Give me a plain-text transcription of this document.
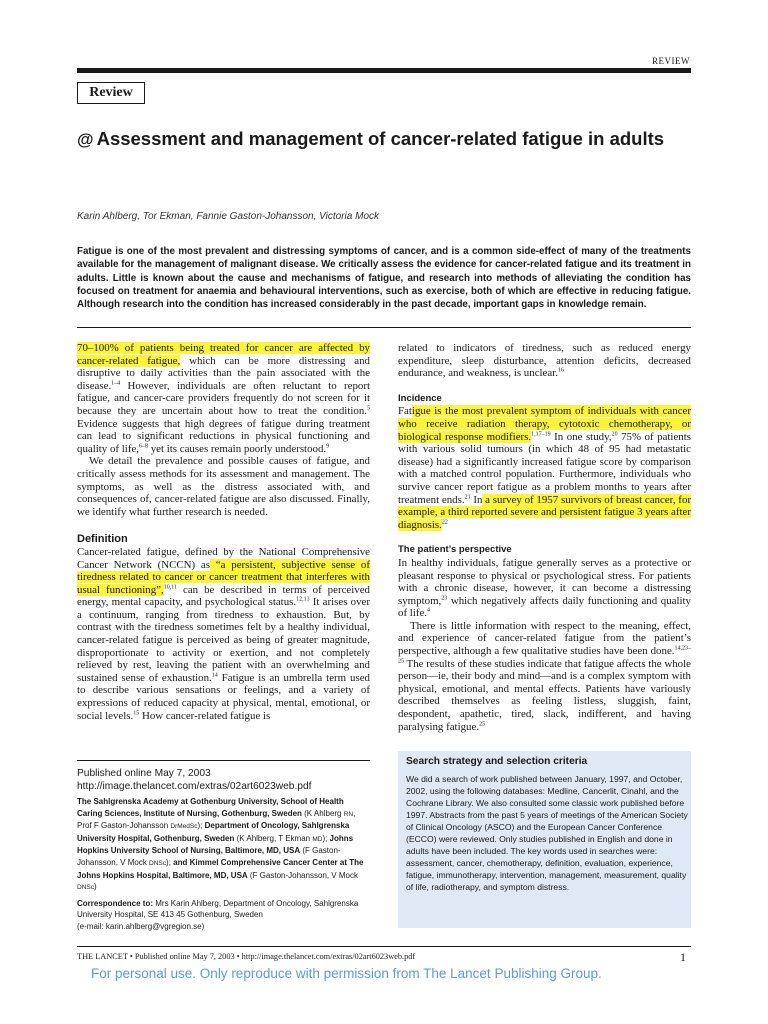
REVIEW
Review
@ Assessment and management of cancer-related fatigue in adults
Karin Ahlberg, Tor Ekman, Fannie Gaston-Johansson, Victoria Mock
Fatigue is one of the most prevalent and distressing symptoms of cancer, and is a common side-effect of many of the treatments available for the management of malignant disease. We critically assess the evidence for cancer-related fatigue and its treatment in adults. Little is known about the cause and mechanisms of fatigue, and research into methods of alleviating the condition has focused on treatment for anaemia and behavioural interventions, such as exercise, both of which are effective in reducing fatigue. Although research into the condition has increased considerably in the past decade, important gaps in knowledge remain.

70–100% of patients being treated for cancer are affected by cancer-related fatigue, which can be more distressing and disruptive to daily activities than the pain associated with the disease.$^{1-4}$ However, individuals are often reluctant to report fatigue, and cancer-care providers frequently do not screen for it because they are uncertain about how to treat the condition.$^5$ Evidence suggests that high degrees of fatigue during treatment can lead to significant reductions in physical functioning and quality of life,$^{6-8}$ yet its causes remain poorly understood.$^9$

We detail the prevalence and possible causes of fatigue, and critically assess methods for its assessment and management. The symptoms, as well as the distress associated with, and consequences of, cancer-related fatigue are also discussed. Finally, we identify what further research is needed.

Definition

Cancer-related fatigue, defined by the National Comprehensive Cancer Network (NCCN) as “a persistent, subjective sense of tiredness related to cancer or cancer treatment that interferes with usual functioning”,$^{10,11}$ can be described in terms of perceived energy, mental capacity, and psychological status.$^{12,13}$ It arises over a continuum, ranging from tiredness to exhaustion. But, by contrast with the tiredness sometimes felt by a healthy individual, cancer-related fatigue is perceived as being of greater magnitude, disproportionate to activity or exertion, and not completely relieved by rest, leaving the patient with an overwhelming and sustained sense of exhaustion.$^{14}$ Fatigue is an umbrella term used to describe various sensations or feelings, and a variety of expressions of reduced capacity at physical, mental, emotional, or social levels.$^{15}$ How cancer-related fatigue is

Published online May 7, 2003

http://image.thelancet.com/extras/02art6023web.pdf

The Sahlgrenska Academy at Gothenburg University, School of Health Caring Sciences, Institute of Nursing, Gothenburg, Sweden (K Ahlberg RN, Prof F Gaston-Johansson DrMedSc); Department of Oncology, Sahlgrenska University Hospital, Gothenburg, Sweden (K Ahlberg, T Ekman MD); Johns Hopkins University School of Nursing, Baltimore, MD, USA (F Gaston-Johansson, V Mock DNSc); and Kimmel Comprehensive Cancer Center at The Johns Hopkins Hospital, Baltimore, MD, USA (F Gaston-Johansson, V Mock DNSc)

Correspondence to: Mrs Karin Ahlberg, Department of Oncology, Sahlgrenska University Hospital, SE 413 45 Gothenburg, Sweden

(e-mail: karin.ahlberg@vgregion.se)

related to indicators of tiredness, such as reduced energy expenditure, sleep disturbance, attention deficits, decreased endurance, and weakness, is unclear.$^{16}$

Incidence

Fatigue is the most prevalent symptom of individuals with cancer who receive radiation therapy, cytotoxic chemotherapy, or biological response modifiers.$^{1,17-19}$ In one study,$^{20}$ 75% of patients with various solid tumours (in which 48 of 95 had metastatic disease) had a significantly increased fatigue score by comparison with a matched control population. Furthermore, individuals who survive cancer report fatigue as a problem months to years after treatment ends.$^{21}$ In a survey of 1957 survivors of breast cancer, for example, a third reported severe and persistent fatigue 3 years after diagnosis.$^{22}$

The patient’s perspective

In healthy individuals, fatigue generally serves as a protective or pleasant response to physical or psychological stress. For patients with a chronic disease, however, it can become a distressing symptom,$^{23}$ which negatively affects daily functioning and quality of life.$^4$

There is little information with respect to the meaning, effect, and experience of cancer-related fatigue from the patient’s perspective, although a few qualitative studies have been done.$^{14,23-25}$ The results of these studies indicate that fatigue affects the whole person—ie, their body and mind—and is a complex symptom with physical, emotional, and mental effects. Patients have variously described themselves as feeling listless, sluggish, faint, despondent, apathetic, tired, slack, indifferent, and having paralysing fatigue.$^{25}$

Search strategy and selection criteria
We did a search of work published between January, 1997, and October, 2002, using the following databases: Medline, Cancerlit, Cinahl, and the Cochrane Library. We also consulted some classic work published before 1997. Abstracts from the past 5 years of meetings of the American Society of Clinical Oncology (ASCO) and the European Cancer Conference (ECCO) were reviewed. Only studies published in English and done in adults have been included. The key words used in searches were: assessment, cancer, chemotherapy, definition, evaluation, experience, fatigue, immunotherapy, intervention, management, measurement, quality of life, radiotherapy, and symptom distress.
THE LANCET • Published online May 7, 2003 • http://image.thelancet.com/extras/02art6023web.pdf	1
For personal use. Only reproduce with permission from The Lancet Publishing Group.
